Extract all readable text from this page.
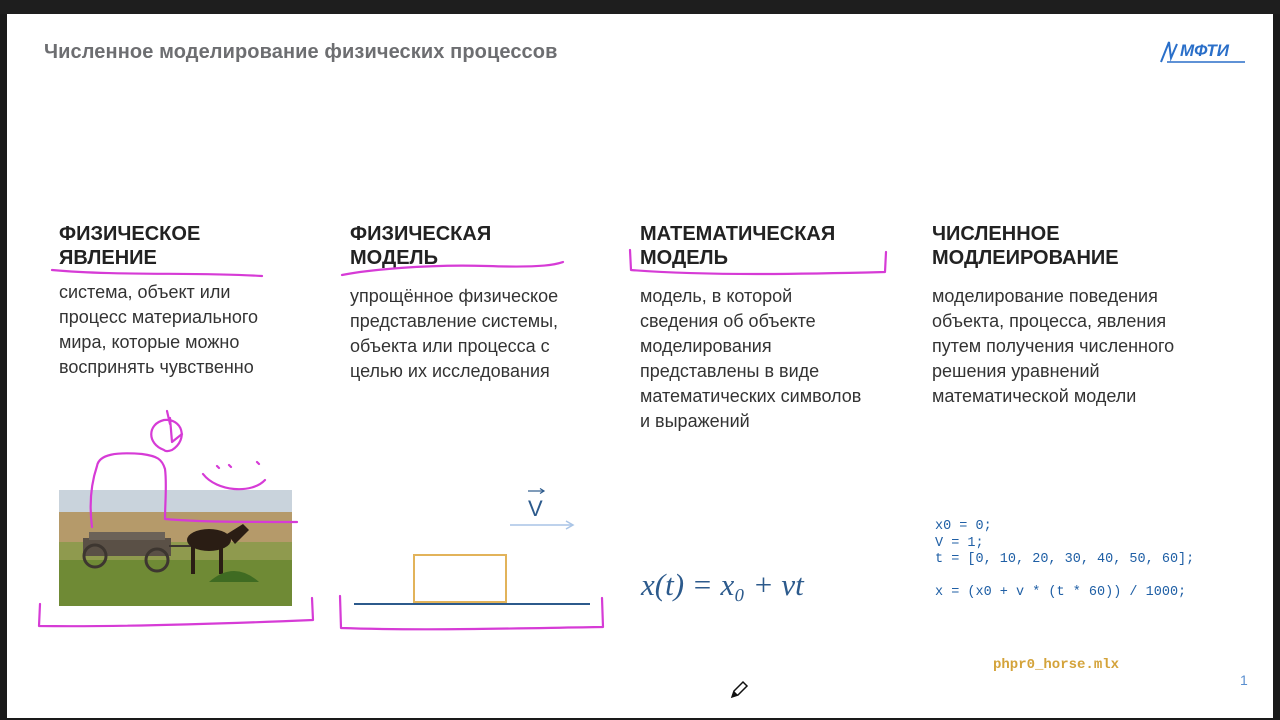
Численное моделирование физических процессов	МФТИ
ФИЗИЧЕСКОЕ
ЯВЛЕНИЕ
система, объект или
процесс материального
мира, которые можно
воспринять чувственно
ФИЗИЧЕСКАЯ
МОДЕЛЬ
упрощённое физическое
представление системы,
объекта или процесса с
целью их исследования
МАТЕМАТИЧЕСКАЯ
МОДЕЛЬ
модель, в которой
сведения об объекте
моделирования
представлены в виде
математических символов
и выражений
ЧИСЛЕННОЕ
МОДЛЕИРОВАНИЕ
моделирование поведения
объекта, процесса, явления
путем получения численного
решения уравнений
математической модели
V
x(t) = x₀ + vt
x0 = 0;
V = 1;
t = [0, 10, 20, 30, 40, 50, 60];

x = (x0 + v * (t * 60)) / 1000;
phpr0_horse.mlx
1
